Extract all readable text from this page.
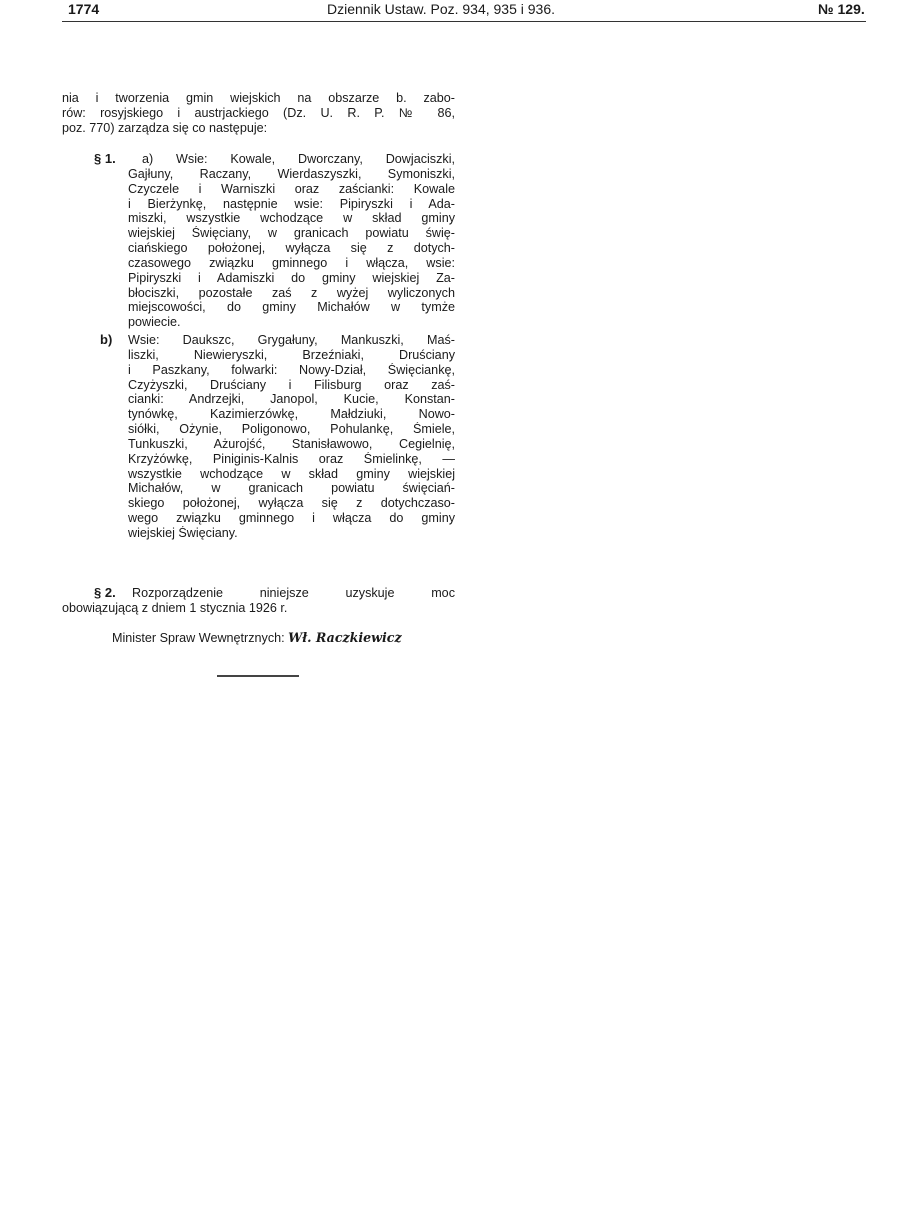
1774	Dziennik Ustaw. Poz. 934, 935 i 936.	№ 129.
nia i tworzenia gmin wiejskich na obszarze b. zabo-
rów: rosyjskiego i austrjackiego (Dz. U. R. P. № 86,
poz. 770) zarządza się co następuje:
§ 1.	a) Wsie: Kowale, Dworczany, Dowjaciszki,
Gajłuny, Raczany, Wierdaszyszki, Symoniszki,
Czyczele i Warniszki oraz zaścianki: Kowale
i Bierżynkę, następnie wsie: Pipiryszki i Ada-
miszki, wszystkie wchodzące w skład gminy
wiejskiej Święciany, w granicach powiatu świę-
ciańskiego położonej, wyłącza się z dotych-
czasowego związku gminnego i włącza, wsie:
Pipiryszki i Adamiszki do gminy wiejskiej Za-
błociszki, pozostałe zaś z wyżej wyliczonych
miejscowości, do gminy Michałów w tymże
powiecie.
b)	Wsie: Daukszc, Grygałuny, Mankuszki, Maś-
liszki, Niewieryszki, Brzeźniaki, Druściany
i Paszkany, folwarki: Nowy-Dział, Święciankę,
Czyżyszki, Druściany i Filisburg oraz zaś-
cianki: Andrzejki, Janopol, Kucie, Konstan-
tynówkę, Kazimierzówkę, Małdziuki, Nowo-
siółki, Ożynie, Poligonowo, Pohulankę, Śmiele,
Tunkuszki, Ażurojść, Stanisławowo, Cegielnię,
Krzyżówkę, Piniginis-Kalnis oraz Śmielinkę, —
wszystkie wchodzące w skład gminy wiejskiej
Michałów, w granicach powiatu święciań-
skiego położonej, wyłącza się z dotychczaso-
wego związku gminnego i włącza do gminy
wiejskiej Święciany.
§ 2.	Rozporządzenie niniejsze uzyskuje moc
obowiązującą z dniem 1 stycznia 1926 r.
Minister Spraw Wewnętrznych: Wł. Raczkiewicz
